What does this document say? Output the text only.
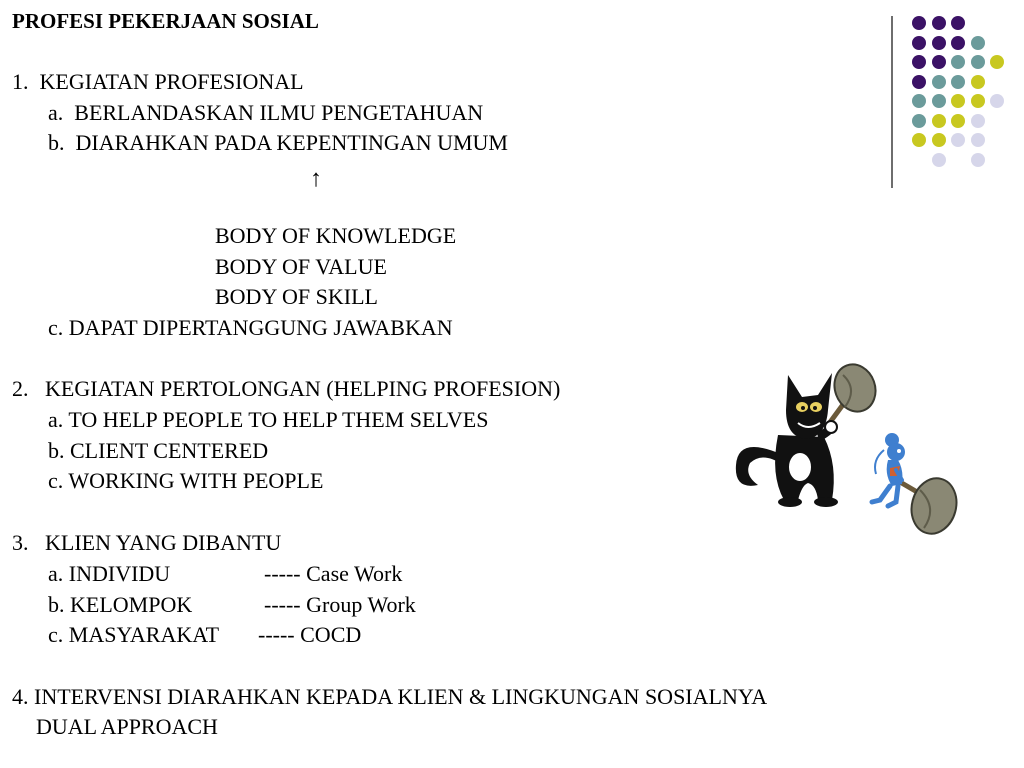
PROFESI PEKERJAAN SOSIAL
1.  KEGIATAN PROFESIONAL
a.  BERLANDASKAN ILMU PENGETAHUAN
b.  DIARAHKAN PADA KEPENTINGAN UMUM
↑
BODY OF KNOWLEDGE
BODY OF VALUE
BODY OF SKILL
c. DAPAT DIPERTANGGUNG JAWABKAN
2.   KEGIATAN PERTOLONGAN (HELPING PROFESION)
a. TO HELP PEOPLE TO HELP THEM SELVES
b. CLIENT CENTERED
c. WORKING WITH PEOPLE
3.   KLIEN YANG DIBANTU
a. INDIVIDU	----- Case Work
b. KELOMPOK	----- Group Work
c. MASYARAKAT ----- COCD
4. INTERVENSI DIARAHKAN KEPADA KLIEN & LINGKUNGAN SOSIALNYA
DUAL APPROACH
